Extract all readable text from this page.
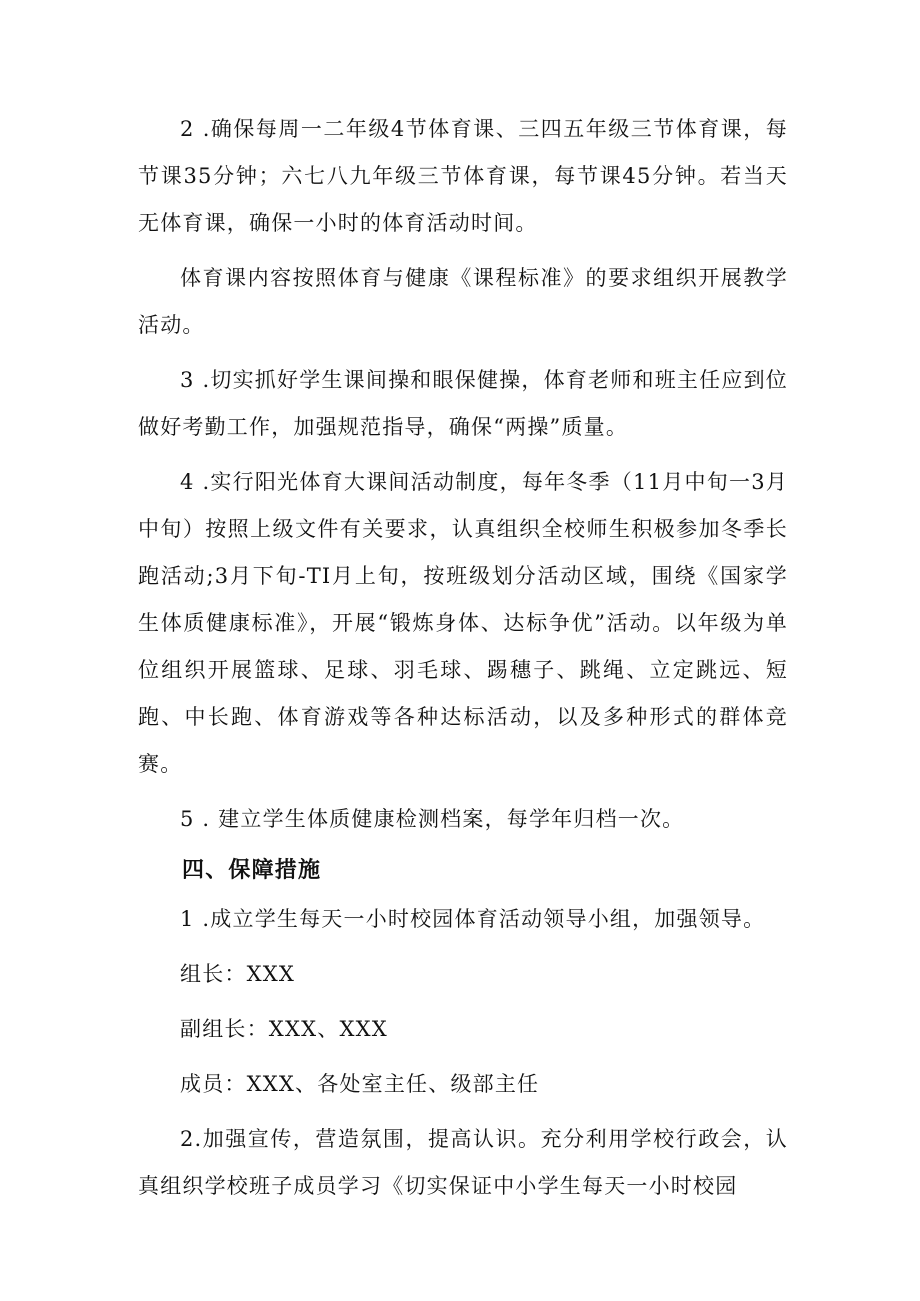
2 .确保每周一二年级4节体育课、三四五年级三节体育课，每节课35分钟；六七八九年级三节体育课，每节课45分钟。若当天无体育课，确保一小时的体育活动时间。

体育课内容按照体育与健康《课程标准》的要求组织开展教学活动。

3 .切实抓好学生课间操和眼保健操，体育老师和班主任应到位做好考勤工作，加强规范指导，确保“两操”质量。

4 .实行阳光体育大课间活动制度，每年冬季（11月中旬一3月中旬）按照上级文件有关要求，认真组织全校师生积极参加冬季长跑活动;3月下旬-TI月上旬，按班级划分活动区域，围绕《国家学生体质健康标准》，开展“锻炼身体、达标争优”活动。以年级为单位组织开展篮球、足球、羽毛球、踢穗子、跳绳、立定跳远、短跑、中长跑、体育游戏等各种达标活动，以及多种形式的群体竞赛。

5 . 建立学生体质健康检测档案，每学年归档一次。

四、保障措施

1 .成立学生每天一小时校园体育活动领导小组，加强领导。

组长：XXX

副组长：XXX、XXX

成员：XXX、各处室主任、级部主任

2.加强宣传，营造氛围，提高认识。充分利用学校行政会，认真组织学校班子成员学习《切实保证中小学生每天一小时校园
